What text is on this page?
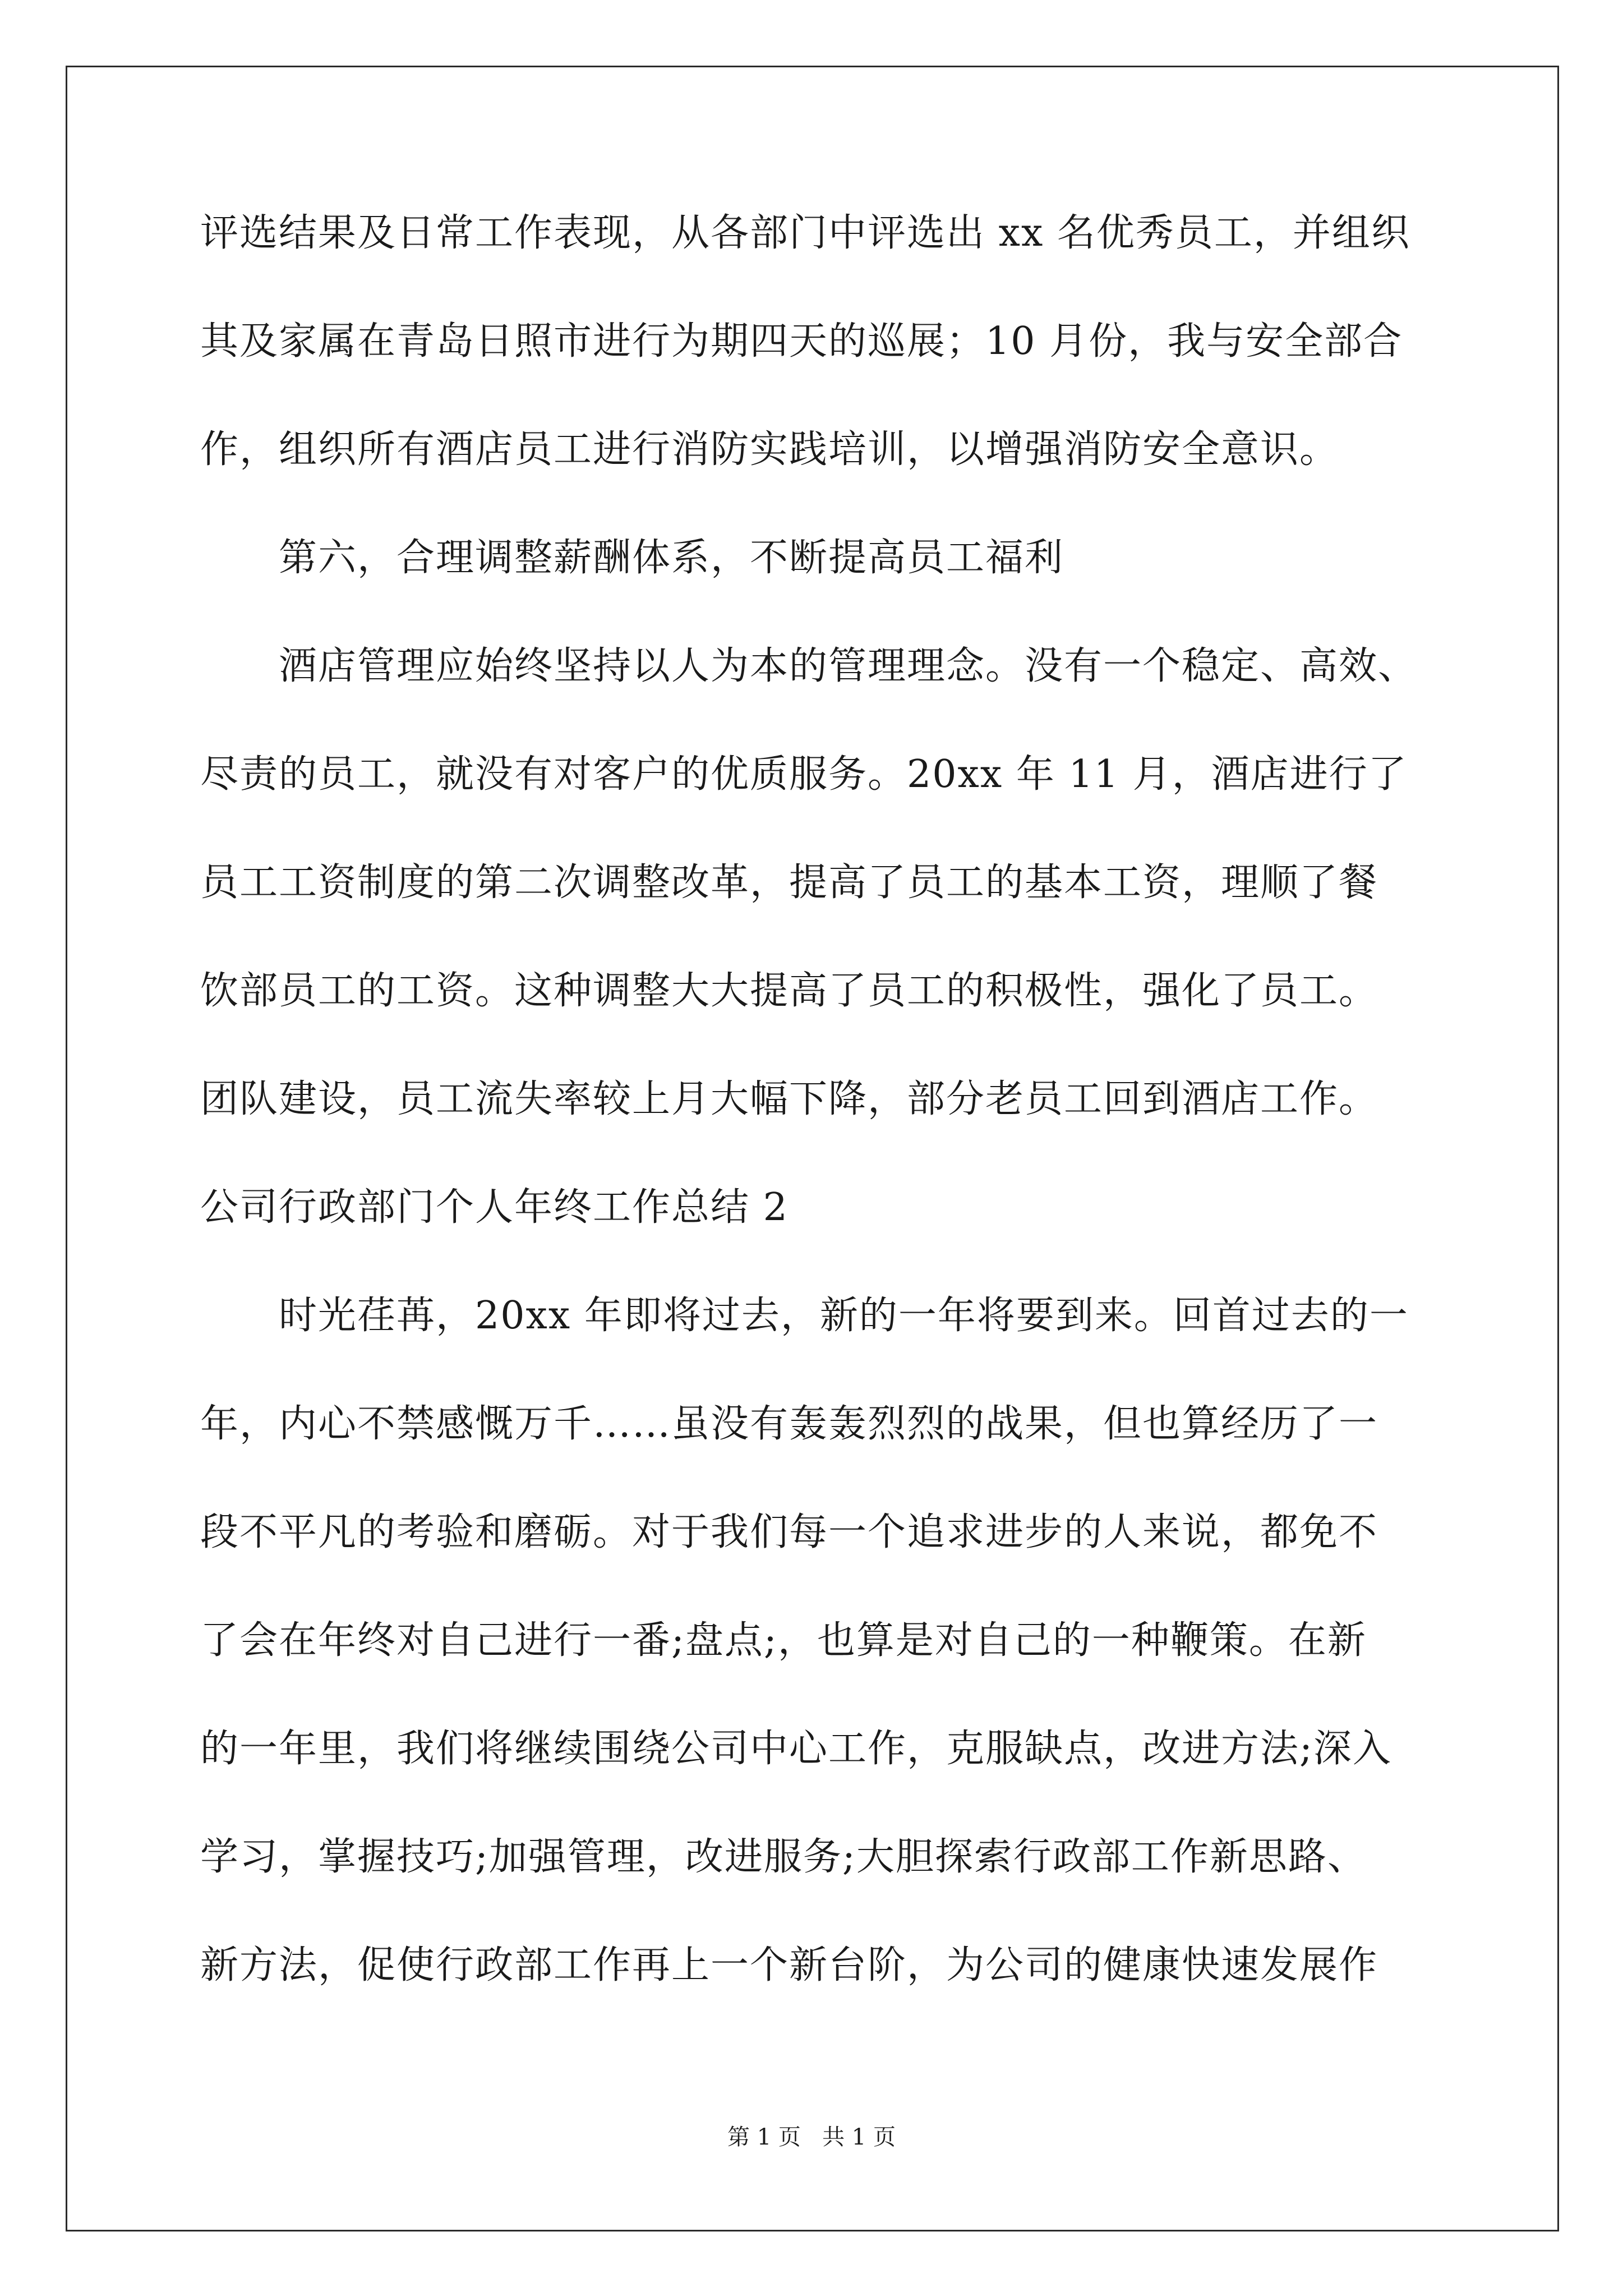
评选结果及日常工作表现，从各部门中评选出 xx 名优秀员工，并组织
其及家属在青岛日照市进行为期四天的巡展；10 月份，我与安全部合
作，组织所有酒店员工进行消防实践培训，以增强消防安全意识。
第六，合理调整薪酬体系，不断提高员工福利
酒店管理应始终坚持以人为本的管理理念。没有一个稳定、高效、
尽责的员工，就没有对客户的优质服务。20xx 年 11 月，酒店进行了
员工工资制度的第二次调整改革，提高了员工的基本工资，理顺了餐
饮部员工的工资。这种调整大大提高了员工的积极性，强化了员工。
团队建设，员工流失率较上月大幅下降，部分老员工回到酒店工作。
公司行政部门个人年终工作总结 2
时光荏苒，20xx 年即将过去，新的一年将要到来。回首过去的一
年，内心不禁感慨万千……虽没有轰轰烈烈的战果，但也算经历了一
段不平凡的考验和磨砺。对于我们每一个追求进步的人来说，都免不
了会在年终对自己进行一番;盘点;，也算是对自己的一种鞭策。在新
的一年里，我们将继续围绕公司中心工作，克服缺点，改进方法;深入
学习，掌握技巧;加强管理，改进服务;大胆探索行政部工作新思路、
新方法，促使行政部工作再上一个新台阶，为公司的健康快速发展作
第 1 页   共 1 页
